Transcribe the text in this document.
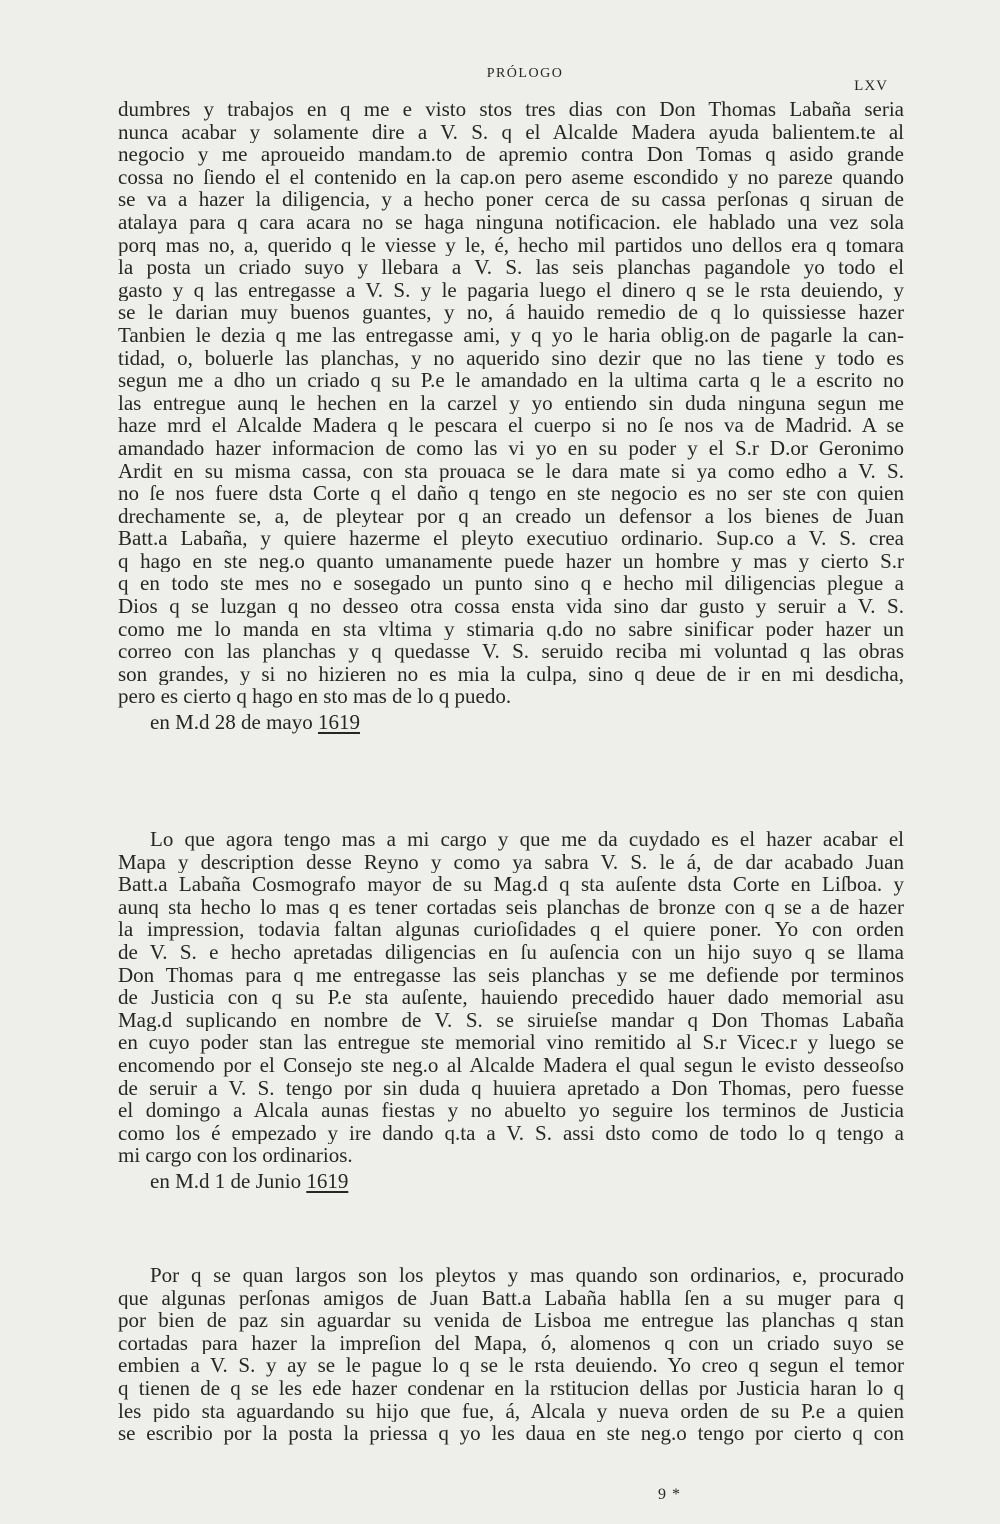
PRÓLOGO
LXV
dumbres y trabajos en q me e visto stos tres dias con Don Thomas Labaña seria
nunca acabar y solamente dire a V. S. q el Alcalde Madera ayuda balientem.te al
negocio y me aproueido mandam.to de apremio contra Don Tomas q asido grande
cossa no ſiendo el el contenido en la cap.on pero aseme escondido y no pareze quando
se va a hazer la diligencia, y a hecho poner cerca de su cassa perſonas q siruan de
atalaya para q cara acara no se haga ninguna notificacion. ele hablado una vez sola
porq mas no, a, querido q le viesse y le, é, hecho mil partidos uno dellos era q tomara
la posta un criado suyo y llebara a V. S. las seis planchas pagandole yo todo el
gasto y q las entregasse a V. S. y le pagaria luego el dinero q se le rsta deuiendo, y
se le darian muy buenos guantes, y no, á hauido remedio de q lo quissiesse hazer
Tanbien le dezia q me las entregasse ami, y q yo le haria oblig.on de pagarle la can-
tidad, o, boluerle las planchas, y no aquerido sino dezir que no las tiene y todo es
segun me a dho un criado q su P.e le amandado en la ultima carta q le a escrito no
las entregue aunq le hechen en la carzel y yo entiendo sin duda ninguna segun me
haze mrd el Alcalde Madera q le pescara el cuerpo si no ſe nos va de Madrid. A se
amandado hazer informacion de como las vi yo en su poder y el S.r D.or Geronimo
Ardit en su misma cassa, con sta prouaca se le dara mate si ya como edho a V. S.
no ſe nos fuere dsta Corte q el daño q tengo en ste negocio es no ser ste con quien
drechamente se, a, de pleytear por q an creado un defensor a los bienes de Juan
Batt.a Labaña, y quiere hazerme el pleyto executiuo ordinario. Sup.co a V. S. crea
q hago en ste neg.o quanto umanamente puede hazer un hombre y mas y cierto S.r
q en todo ste mes no e sosegado un punto sino q e hecho mil diligencias plegue a
Dios q se luzgan q no desseo otra cossa ensta vida sino dar gusto y seruir a V. S.
como me lo manda en sta vltima y stimaria q.do no sabre sinificar poder hazer un
correo con las planchas y q quedasse V. S. seruido reciba mi voluntad q las obras
son grandes, y si no hizieren no es mia la culpa, sino q deue de ir en mi desdicha,
pero es cierto q hago en sto mas de lo q puedo.
en M.d 28 de mayo 1619
Lo que agora tengo mas a mi cargo y que me da cuydado es el hazer acabar el
Mapa y description desse Reyno y como ya sabra V. S. le á, de dar acabado Juan
Batt.a Labaña Cosmografo mayor de su Mag.d q sta auſente dsta Corte en Liſboa. y
aunq sta hecho lo mas q es tener cortadas seis planchas de bronze con q se a de hazer
la impression, todavia faltan algunas curioſidades q el quiere poner. Yo con orden
de V. S. e hecho apretadas diligencias en ſu auſencia con un hijo suyo q se llama
Don Thomas para q me entregasse las seis planchas y se me defiende por terminos
de Justicia con q su P.e sta auſente, hauiendo precedido hauer dado memorial asu
Mag.d suplicando en nombre de V. S. se siruieſse mandar q Don Thomas Labaña
en cuyo poder stan las entregue ste memorial vino remitido al S.r Vicec.r y luego se
encomendo por el Consejo ste neg.o al Alcalde Madera el qual segun le evisto desseoſso
de seruir a V. S. tengo por sin duda q huuiera apretado a Don Thomas, pero fuesse
el domingo a Alcala aunas fiestas y no abuelto yo seguire los terminos de Justicia
como los é empezado y ire dando q.ta a V. S. assi dsto como de todo lo q tengo a
mi cargo con los ordinarios.
en M.d 1 de Junio 1619
Por q se quan largos son los pleytos y mas quando son ordinarios, e, procurado
que algunas perſonas amigos de Juan Batt.a Labaña hablla ſen a su muger para q
por bien de paz sin aguardar su venida de Lisboa me entregue las planchas q stan
cortadas para hazer la impreſion del Mapa, ó, alomenos q con un criado suyo se
embien a V. S. y ay se le pague lo q se le rsta deuiendo. Yo creo q segun el temor
q tienen de q se les ede hazer condenar en la rstitucion dellas por Justicia haran lo q
les pido sta aguardando su hijo que fue, á, Alcala y nueva orden de su P.e a quien
se escribio por la posta la priessa q yo les daua en ste neg.o tengo por cierto q con
9 *
